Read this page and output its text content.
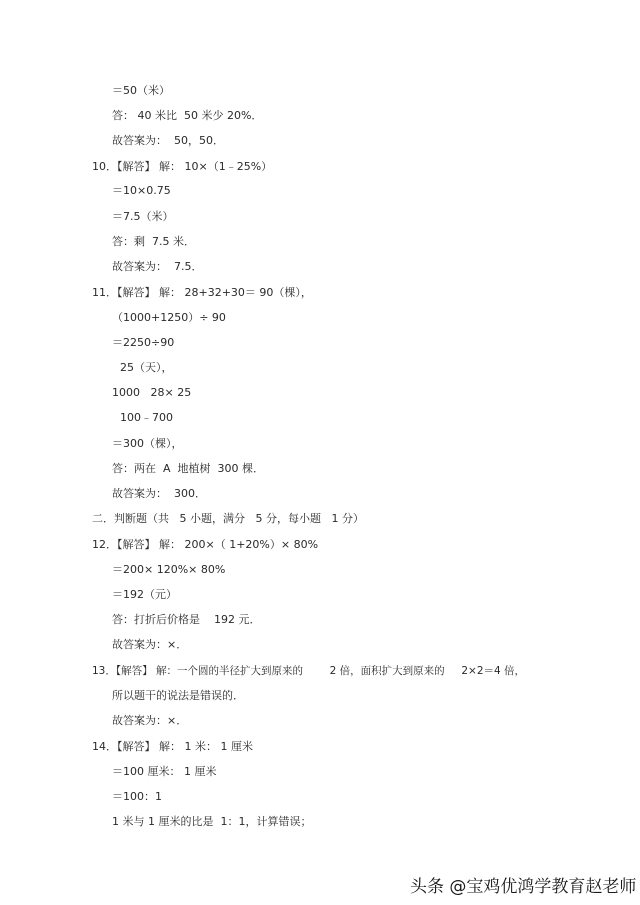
＝50（米）
答： 40 米比  50 米少 20%．
故答案为：  50，50．
10．【解答】 解： 10×（1﹣25%）
＝10×0.75
＝7.5（米）
答：剩  7.5 米．
故答案为：  7.5．
11．【解答】 解： 28+32+30＝ 90（棵），
（1000+1250）÷ 90
＝2250÷90
25（天），
1000   28× 25
100﹣700
＝300（棵），
答：两在  A  地植树  300 棵．
故答案为：  300．
二．判断题（共   5 小题，满分   5 分，每小题   1 分）
12．【解答】 解： 200×（ 1+20%）× 80%
＝200× 120%× 80%
＝192（元）
答：打折后价格是    192 元．
故答案为：×．
13．【解答】 解：一个圆的半径扩大到原来的        2 倍，面积扩大到原来的     2×2＝4 倍，
所以题干的说法是错误的．
故答案为：×．
14．【解答】 解： 1 米： 1 厘米
＝100 厘米： 1 厘米
＝100：1
1 米与 1 厘米的比是  1：1，计算错误；
头条 @宝鸡优鸿学教育赵老师
